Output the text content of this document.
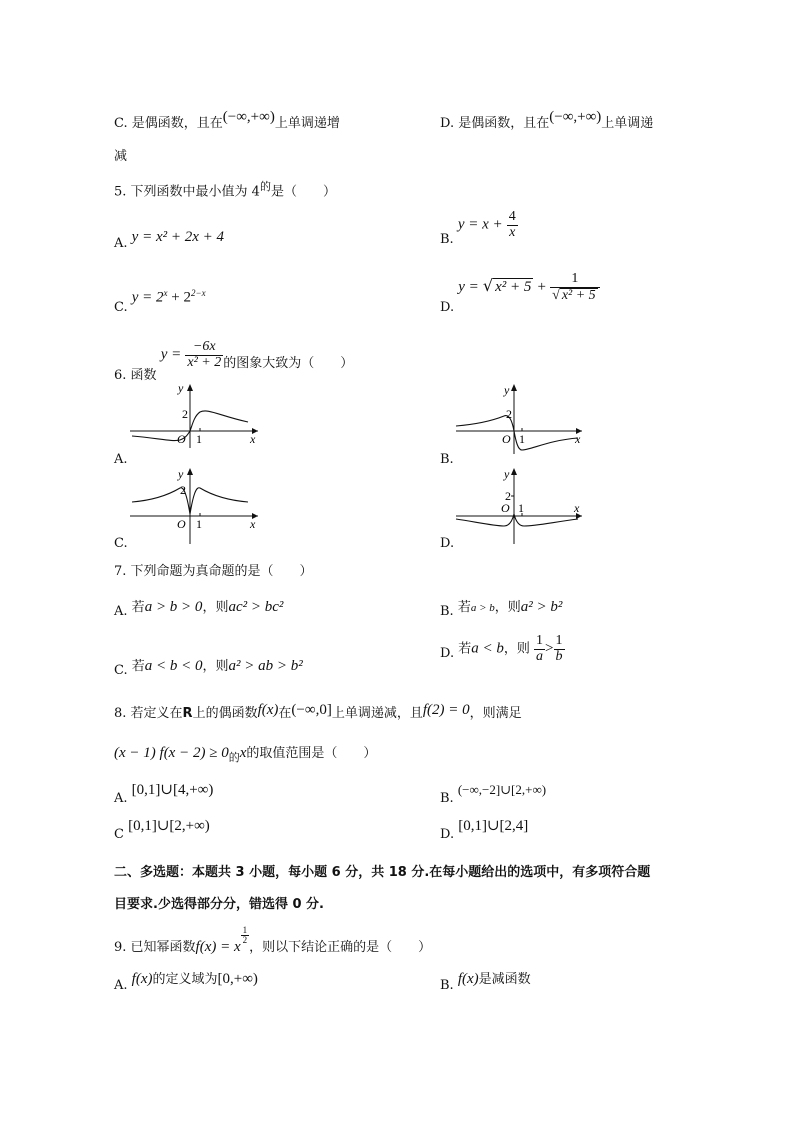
C. 是偶函数，且在(−∞,+∞)上单调递增
减
D. 是偶函数，且在(−∞,+∞)上单调递
5. 下列函数中最小值为 $4^的$是（　　）
A. y = x² + 2x + 4	B. $y = x + \frac{4}{x}$
C. $y = 2^x + 2^{2-x}$
D. y = √ $x^2 + 5 + \frac{1}{\text{√ x² + 5}}$
6. 函数 $y = \frac{-6x}{\text{x² + 2}}$ 的图象大致为（　　）
A.	B.
C.	D.
y
2
O 1	x
y
2
O 1	x
y
2
O 1	x
y
2
O 1	x
7. 下列命题为真命题的是（　　）
A. 若a > b > 0，则ac² > bc²	B. 若a > b，则a² > b²
C. 若a < b < 0，则a² > ab > b²
D. 若a < b，则 $\frac{1}{a} > \frac{1}{b}$
8. 若定义在R上的偶函数f(x)在(−∞,0]上单调递减，且f(2) = 0，则满足
(x − 1) $f(x - 2) \ge 0_的x$的取值范围是（　　）
A. [0,1]∪[4,+∞)
B. (−∞,−2]∪[2,+∞)
C [0,1]∪[2,+∞)
D. [0,1]∪[2,4]
二、多选题：本题共 3 小题，每小题 6 分，共 18 分.在每小题给出的选项中，有多项符合题
目要求.少选得部分分，错选得 0 分.
9. 已知幂函数f(x) = x
$\frac{1}{2}$
，则以下结论正确的是（　　）
A. f(x)的定义域为[0,+∞)	B. f(x)是减函数
